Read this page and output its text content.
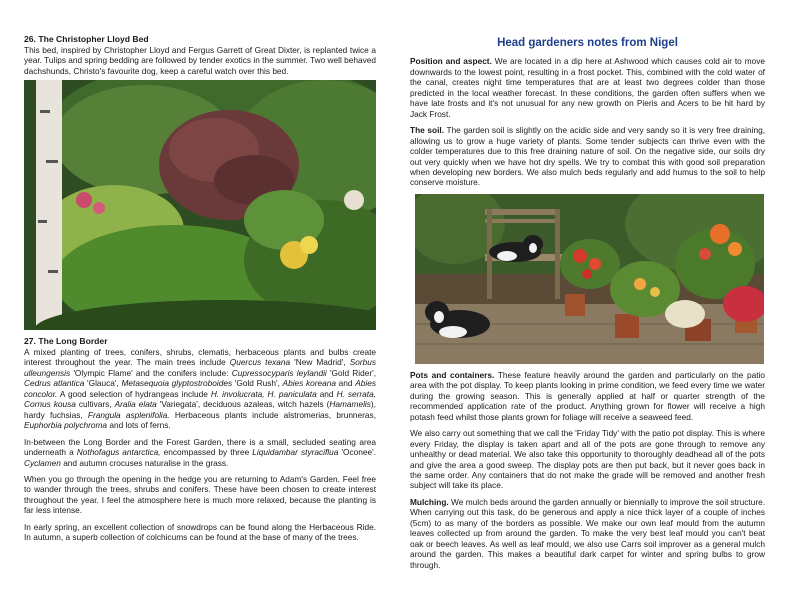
26. The Christopher Lloyd Bed

This bed, inspired by Christopher Lloyd and Fergus Garrett of Great Dixter, is replanted twice a year. Tulips and spring bedding are followed by tender exotics in the summer. Two well behaved dachshunds, Christo's favourite dog, keep a careful watch over this bed.

27. The Long Border

A mixed planting of trees, conifers, shrubs, clematis, herbaceous plants and bulbs create interest throughout the year. The main trees include Quercus texana 'New Madrid', Sorbus ulleungensis 'Olympic Flame' and the conifers include: Cupressocyparis leylandii 'Gold Rider', Cedrus atlantica 'Glauca', Metasequoia glyptostroboides 'Gold Rush', Abies koreana and Abies concolor. A good selection of hydrangeas include H. involucrata, H. paniculata and H. serrata, Cornus kousa cultivars, Aralia elata 'Variegata', deciduous azaleas, witch hazels (Hamamelis), hardy fuchsias, Frangula asplenifolia. Herbaceous plants include alstromerias, brunneras, Euphorbia polychroma and lots of ferns.

In-between the Long Border and the Forest Garden, there is a small, secluded seating area underneath a Nothofagus antarctica, encompassed by three Liquidambar styraciflua 'Oconee'. Cyclamen and autumn crocuses naturalise in the grass.

When you go through the opening in the hedge you are returning to Adam's Garden. Feel free to wander through the trees, shrubs and conifers. These have been chosen to create interest throughout the year. I feel the atmosphere here is much more relaxed, because the planting is far less intense.

In early spring, an excellent collection of snowdrops can be found along the Herbaceous Ride. In autumn, a superb collection of colchicums can be found at the base of many of the trees.

Head gardeners notes from Nigel

Position and aspect. We are located in a dip here at Ashwood which causes cold air to move downwards to the lowest point, resulting in a frost pocket. This, combined with the cold water of the canal, creates night time temperatures that are at least two degrees colder than those predicted in the local weather forecast. In these conditions, the garden often suffers when we have late frosts and it's not unusual for any new growth on Pieris and Acers to be hit hard by Jack Frost.

The soil. The garden soil is slightly on the acidic side and very sandy so it is very free draining, allowing us to grow a huge variety of plants. Some tender subjects can thrive even with the colder temperatures due to this free draining nature of soil. On the negative side, our soils dry out very quickly when we have hot dry spells. We try to combat this with good soil preparation when developing new borders. We also mulch beds regularly and add humus to the soil to help conserve moisture.

Pots and containers. These feature heavily around the garden and particularly on the patio area with the pot display. To keep plants looking in prime condition, we feed every time we water during the growing season. This is generally applied at half or quarter strength of the recommended application rate of the product. Anything grown for flower will receive a high potash feed whilst those plants grown for foliage will receive a seaweed feed.

We also carry out something that we call the 'Friday Tidy' with the patio pot display. This is where every Friday, the display is taken apart and all of the pots are gone through to remove any unhealthy or dead material. We also take this opportunity to thoroughly deadhead all of the pots and give the area a good sweep. The display pots are then put back, but it never goes back in the same order. Any containers that do not make the grade will be removed and another fresh subject will take its place.

Mulching. We mulch beds around the garden annually or biennially to improve the soil structure. When carrying out this task, do be generous and apply a nice thick layer of a couple of inches (5cm) to as many of the borders as possible. We make our own leaf mould from the autumn leaves collected up from around the garden. To make the very best leaf mould you can't beat oak or beech leaves. As well as leaf mould, we also use Carrs soil improver as a general mulch around the garden. This makes a beautiful dark carpet for winter and spring bulbs to grow through.
